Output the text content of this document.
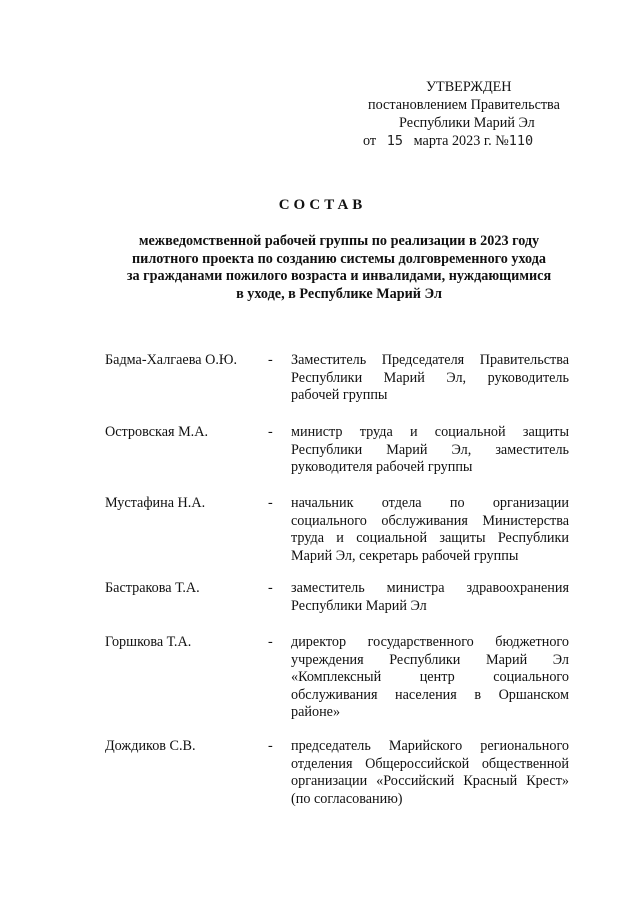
УТВЕРЖДЕН
постановлением Правительства
Республики Марий Эл
от 15 марта 2023 г. №110
СОСТАВ
межведомственной рабочей группы по реализации в 2023 году
пилотного проекта по созданию системы долговременного ухода
за гражданами пожилого возраста и инвалидами, нуждающимися
в уходе, в Республике Марий Эл
Бадма-Халгаева О.Ю. - Заместитель Председателя Правительства
Республики Марий Эл, руководитель
рабочей группы
Островская М.А.	- министр труда и социальной защиты
Республики Марий Эл, заместитель
руководителя рабочей группы
Мустафина Н.А.	- начальник отдела по организации
социального обслуживания Министерства
труда и социальной защиты Республики
Марий Эл, секретарь рабочей группы
Бастракова Т.А.	- заместитель министра здравоохранения
Республики Марий Эл
Горшкова Т.А.	- директор государственного бюджетного
учреждения Республики Марий Эл
«Комплексный центр социального
обслуживания населения в Оршанском
районе»
Дождиков С.В.	- председатель Марийского регионального
отделения Общероссийской общественной
организации «Российский Красный Крест»
(по согласованию)
